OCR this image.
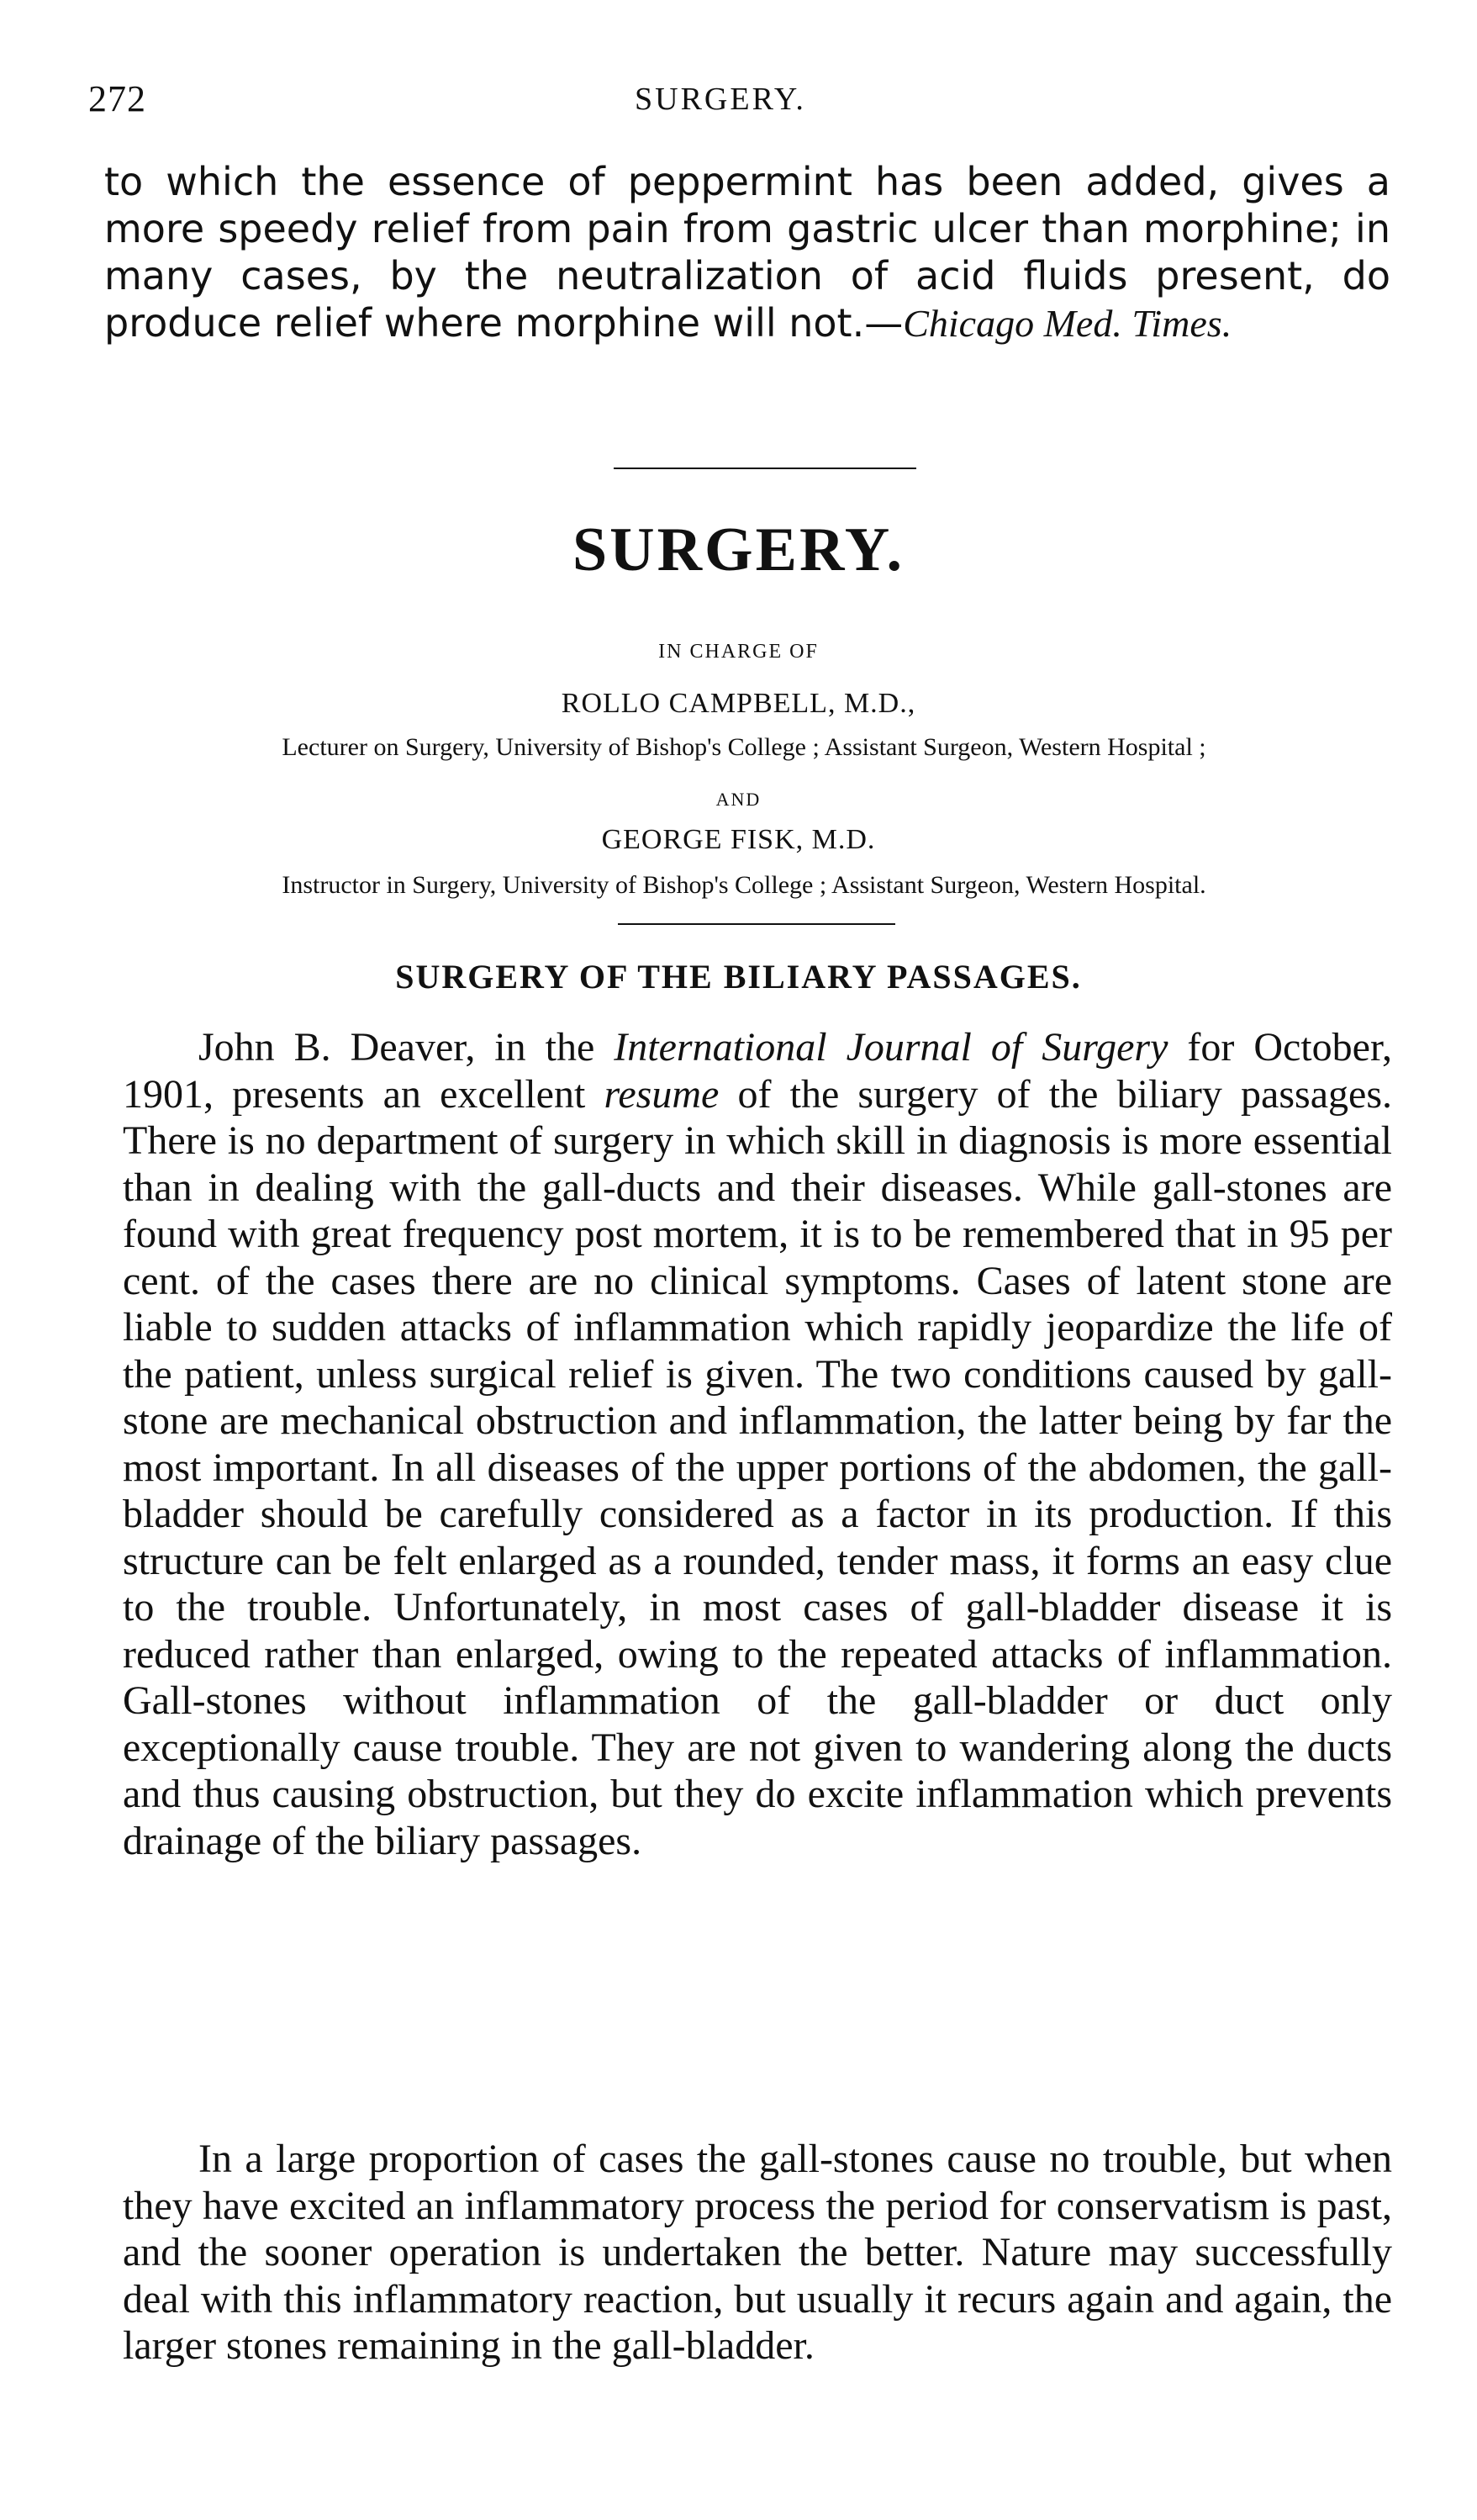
272	SURGERY.
to which the essence of peppermint has been added, gives a more speedy relief from pain from gastric ulcer than morphine; in many cases, by the neutralization of acid fluids present, do produce relief where morphine will not.—Chicago Med. Times.
SURGERY.
IN CHARGE OF
ROLLO CAMPBELL, M.D.,
Lecturer on Surgery, University of Bishop's College ; Assistant Surgeon, Western Hospital ;
AND
GEORGE FISK, M.D.
Instructor in Surgery, University of Bishop's College ; Assistant Surgeon, Western Hospital.
SURGERY OF THE BILIARY PASSAGES.

John B. Deaver, in the International Journal of Surgery for October, 1901, presents an excellent resume of the surgery of the biliary passages. There is no department of surgery in which skill in diagnosis is more essential than in dealing with the gall-ducts and their diseases. While gall-stones are found with great frequency post mortem, it is to be remembered that in 95 per cent. of the cases there are no clinical symptoms. Cases of latent stone are liable to sudden attacks of inflammation which rapidly jeopardize the life of the patient, unless surgical relief is given. The two conditions caused by gall-stone are mechanical obstruction and inflammation, the latter being by far the most important. In all diseases of the upper portions of the abdomen, the gall-bladder should be carefully considered as a factor in its production. If this structure can be felt enlarged as a rounded, tender mass, it forms an easy clue to the trouble. Unfortunately, in most cases of gall-bladder disease it is reduced rather than enlarged, owing to the repeated attacks of inflammation. Gall-stones without inflammation of the gall-bladder or duct only exceptionally cause trouble. They are not given to wandering along the ducts and thus causing obstruction, but they do excite inflammation which prevents drainage of the biliary passages.

In a large proportion of cases the gall-stones cause no trouble, but when they have excited an inflammatory process the period for conservatism is past, and the sooner operation is undertaken the better. Nature may successfully deal with this inflammatory reaction, but usually it recurs again and again, the larger stones remaining in the gall-bladder.
